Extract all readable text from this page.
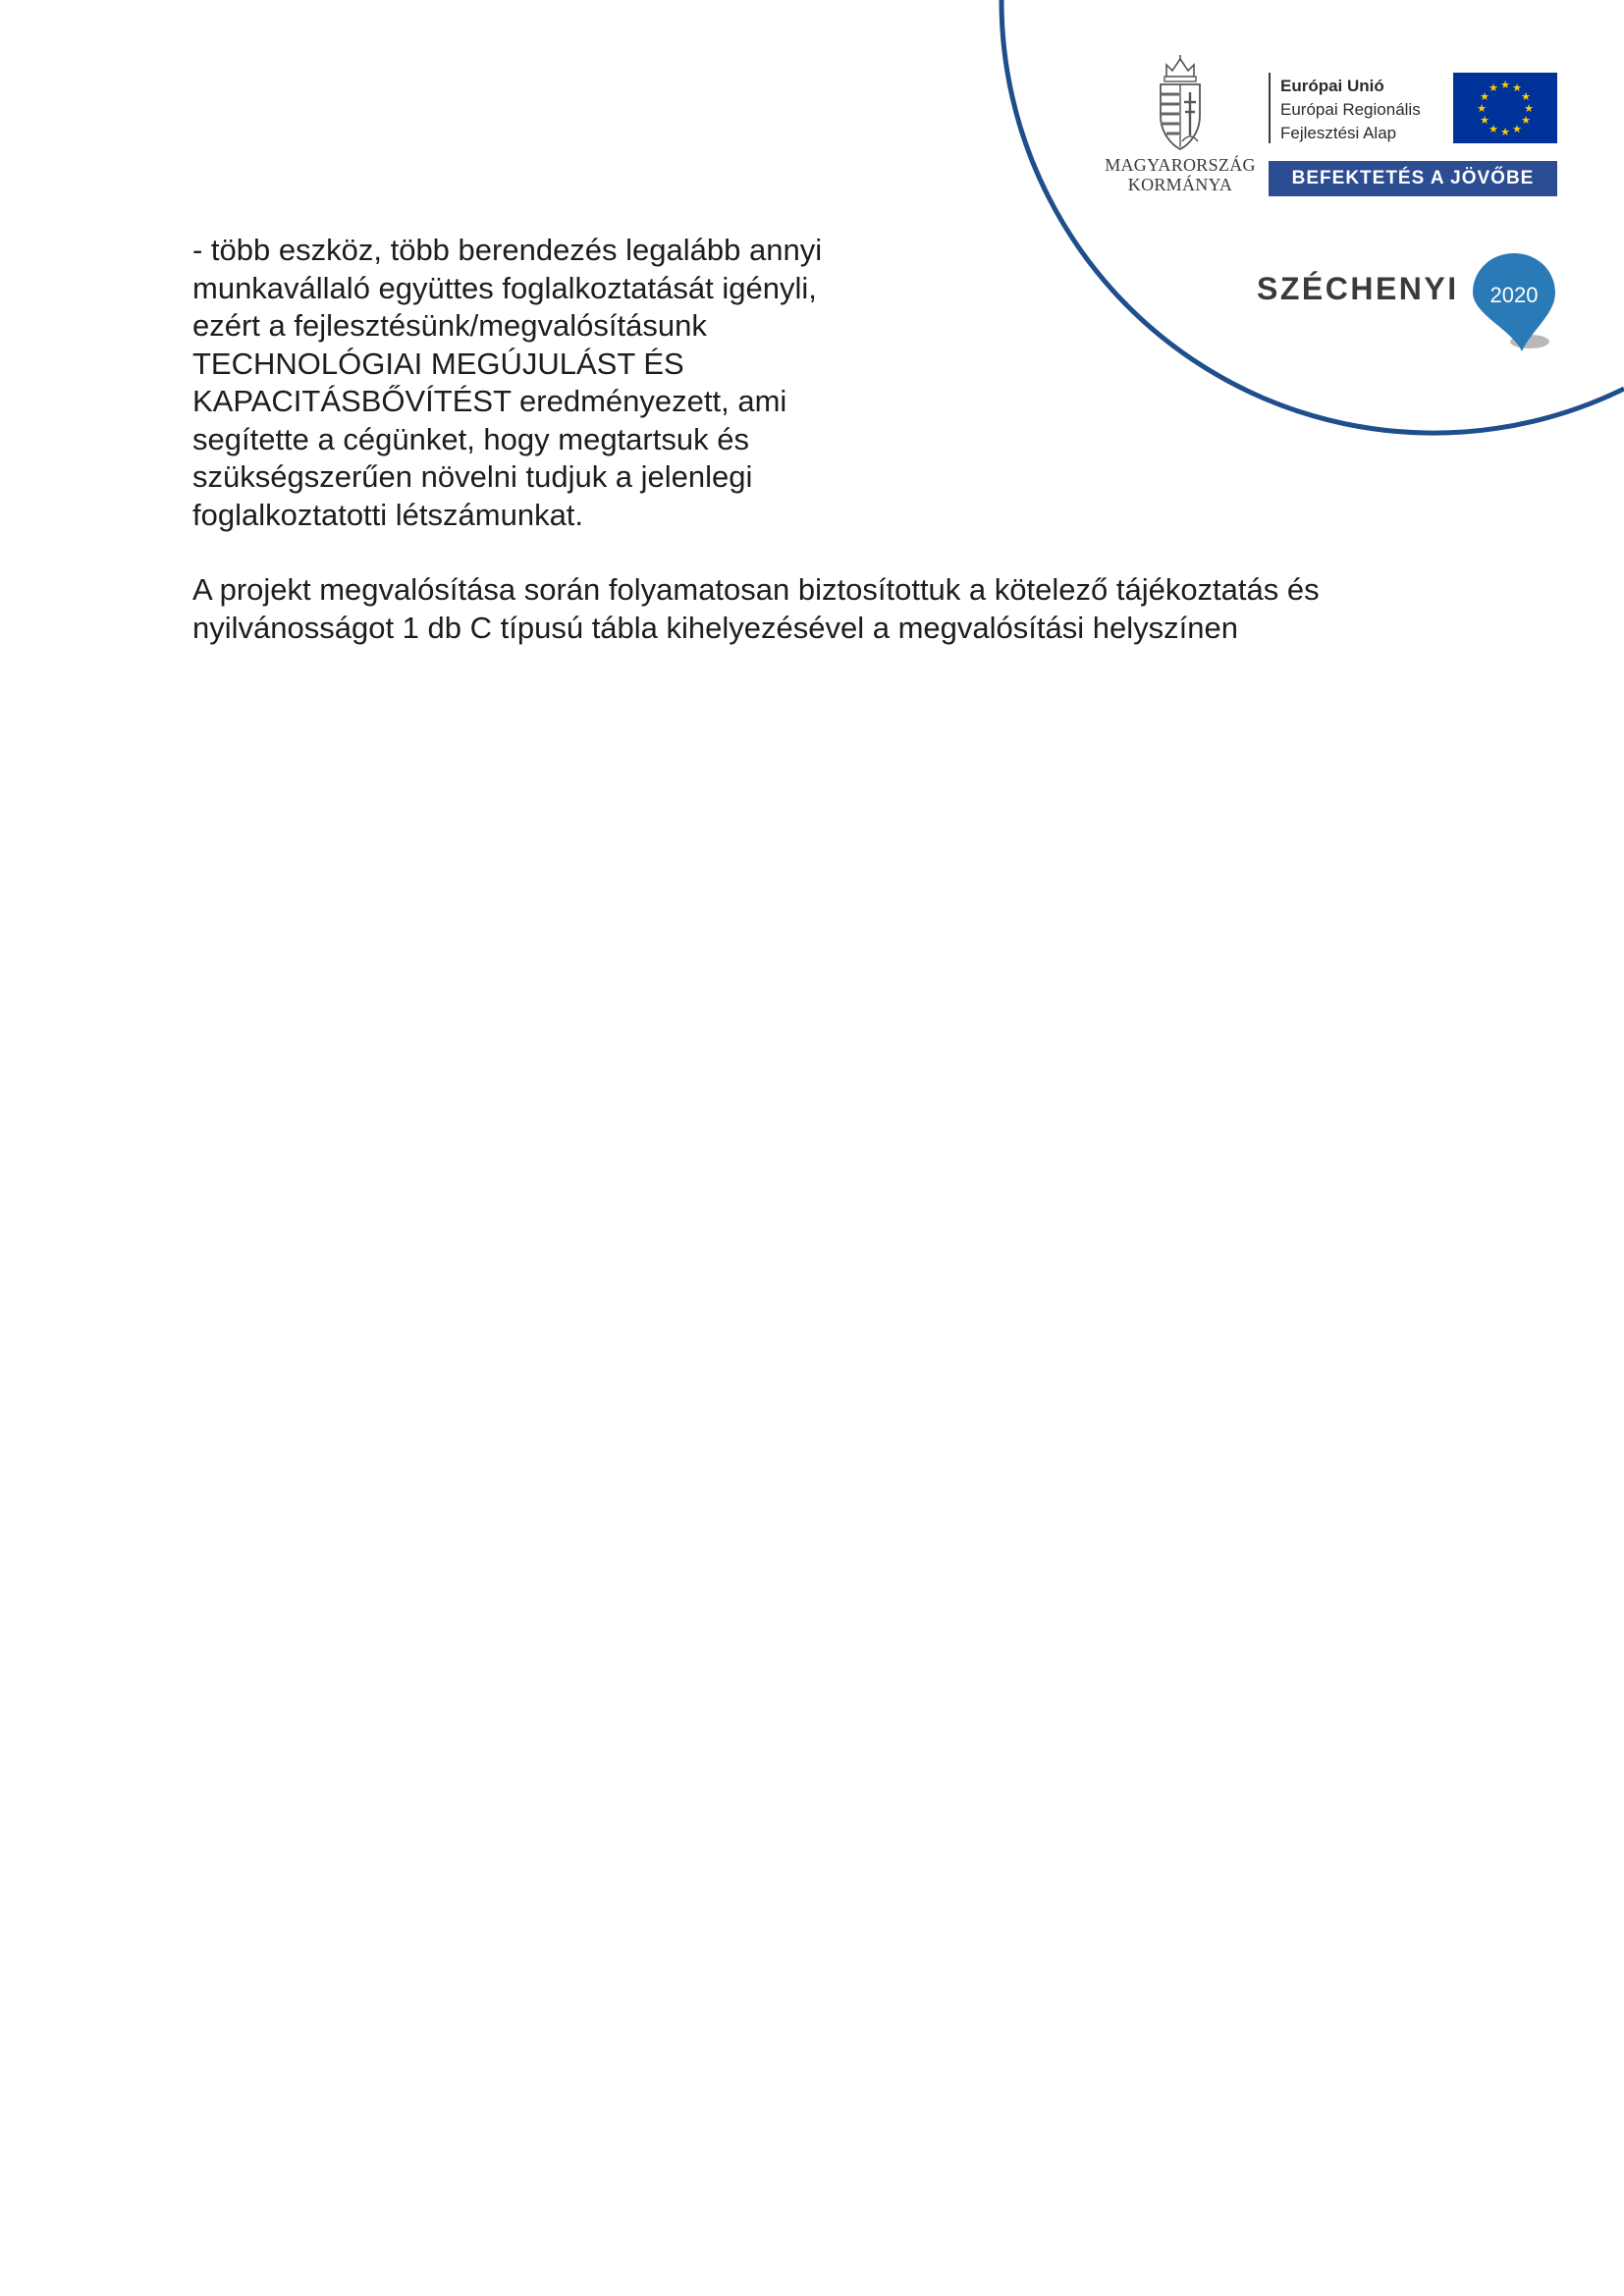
MAGYARORSZÁG
KORMÁNYA
Európai Unió
Európai Regionális
Fejlesztési Alap
★ ★
★
★
★
★
★
★
★
★
★
★
BEFEKTETÉS A JÖVŐBE
SZÉCHENYI 2020

- több eszköz, több berendezés legalább annyi

munkavállaló együttes foglalkoztatását igényli,

ezért a fejlesztésünk/megvalósításunk

TECHNOLÓGIAI MEGÚJULÁST ÉS

KAPACITÁSBŐVÍTÉST eredményezett, ami

segítette a cégünket, hogy megtartsuk és

szükségszerűen növelni tudjuk a jelenlegi

foglalkoztatotti létszámunkat.

A projekt megvalósítása során folyamatosan biztosítottuk a kötelező tájékoztatás és

nyilvánosságot 1 db C típusú tábla kihelyezésével a megvalósítási helyszínen
